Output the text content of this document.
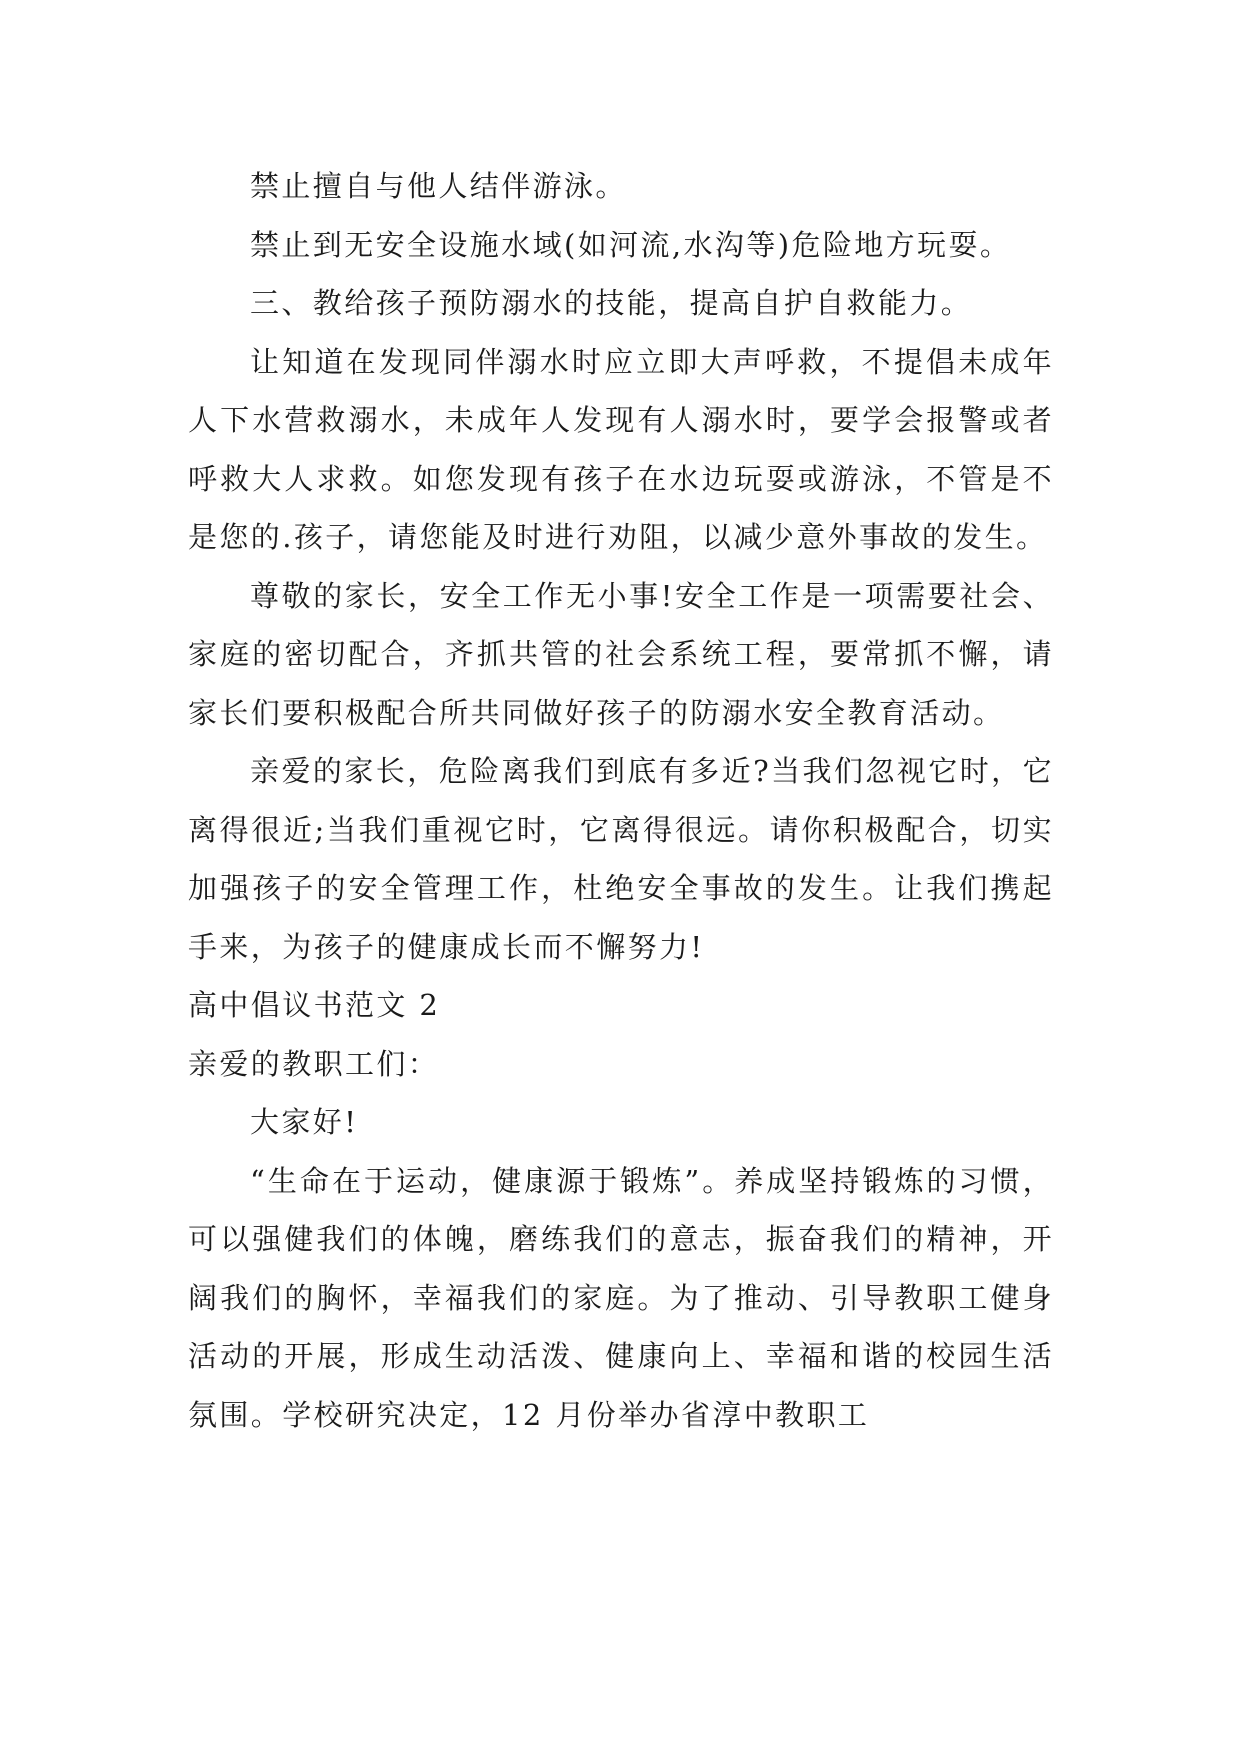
禁止擅自与他人结伴游泳。

禁止到无安全设施水域(如河流,水沟等)危险地方玩耍。

三、教给孩子预防溺水的技能，提高自护自救能力。

让知道在发现同伴溺水时应立即大声呼救，不提倡未成年人下水营救溺水，未成年人发现有人溺水时，要学会报警或者呼救大人求救。如您发现有孩子在水边玩耍或游泳，不管是不是您的.孩子，请您能及时进行劝阻，以减少意外事故的发生。

尊敬的家长，安全工作无小事!安全工作是一项需要社会、家庭的密切配合，齐抓共管的社会系统工程，要常抓不懈，请家长们要积极配合所共同做好孩子的防溺水安全教育活动。

亲爱的家长，危险离我们到底有多近?当我们忽视它时，它离得很近;当我们重视它时，它离得很远。请你积极配合，切实加强孩子的安全管理工作，杜绝安全事故的发生。让我们携起手来，为孩子的健康成长而不懈努力!

高中倡议书范文 2

亲爱的教职工们：

大家好!

“生命在于运动，健康源于锻炼”。养成坚持锻炼的习惯，可以强健我们的体魄，磨练我们的意志，振奋我们的精神，开阔我们的胸怀，幸福我们的家庭。为了推动、引导教职工健身活动的开展，形成生动活泼、健康向上、幸福和谐的校园生活氛围。学校研究决定，12 月份举办省淳中教职工
